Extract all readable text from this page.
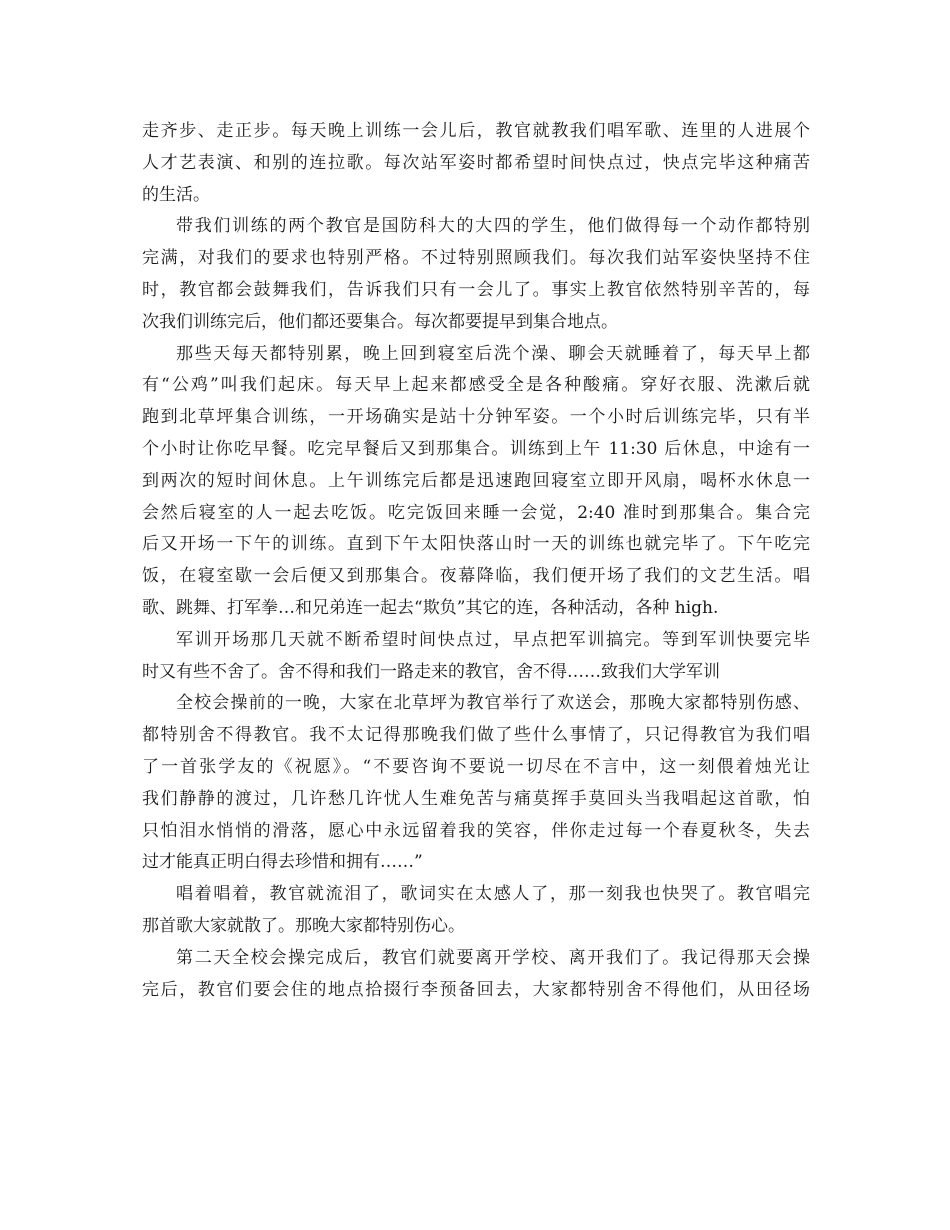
走齐步、走正步。每天晚上训练一会儿后，教官就教我们唱军歌、连里的人进展个
人才艺表演、和别的连拉歌。每次站军姿时都希望时间快点过，快点完毕这种痛苦
的生活。
带我们训练的两个教官是国防科大的大四的学生，他们做得每一个动作都特别
完满，对我们的要求也特别严格。不过特别照顾我们。每次我们站军姿快坚持不住
时，教官都会鼓舞我们，告诉我们只有一会儿了。事实上教官依然特别辛苦的，每
次我们训练完后，他们都还要集合。每次都要提早到集合地点。
那些天每天都特别累，晚上回到寝室后洗个澡、聊会天就睡着了，每天早上都
有“公鸡”叫我们起床。每天早上起来都感受全是各种酸痛。穿好衣服、洗漱后就
跑到北草坪集合训练，一开场确实是站十分钟军姿。一个小时后训练完毕，只有半
个小时让你吃早餐。吃完早餐后又到那集合。训练到上午 11:30 后休息，中途有一
到两次的短时间休息。上午训练完后都是迅速跑回寝室立即开风扇，喝杯水休息一
会然后寝室的人一起去吃饭。吃完饭回来睡一会觉，2:40 准时到那集合。集合完
后又开场一下午的训练。直到下午太阳快落山时一天的训练也就完毕了。下午吃完
饭，在寝室歇一会后便又到那集合。夜幕降临，我们便开场了我们的文艺生活。唱
歌、跳舞、打军拳…和兄弟连一起去“欺负”其它的连，各种活动，各种 high.
军训开场那几天就不断希望时间快点过，早点把军训搞完。等到军训快要完毕
时又有些不舍了。舍不得和我们一路走来的教官，舍不得……致我们大学军训
全校会操前的一晚，大家在北草坪为教官举行了欢送会，那晚大家都特别伤感、
都特别舍不得教官。我不太记得那晚我们做了些什么事情了，只记得教官为我们唱
了一首张学友的《祝愿》。“不要咨询不要说一切尽在不言中，这一刻偎着烛光让
我们静静的渡过，几许愁几许忧人生难免苦与痛莫挥手莫回头当我唱起这首歌，怕
只怕泪水悄悄的滑落，愿心中永远留着我的笑容，伴你走过每一个春夏秋冬，失去
过才能真正明白得去珍惜和拥有……”
唱着唱着，教官就流泪了，歌词实在太感人了，那一刻我也快哭了。教官唱完
那首歌大家就散了。那晚大家都特别伤心。
第二天全校会操完成后，教官们就要离开学校、离开我们了。我记得那天会操
完后，教官们要会住的地点拾掇行李预备回去，大家都特别舍不得他们，从田径场
